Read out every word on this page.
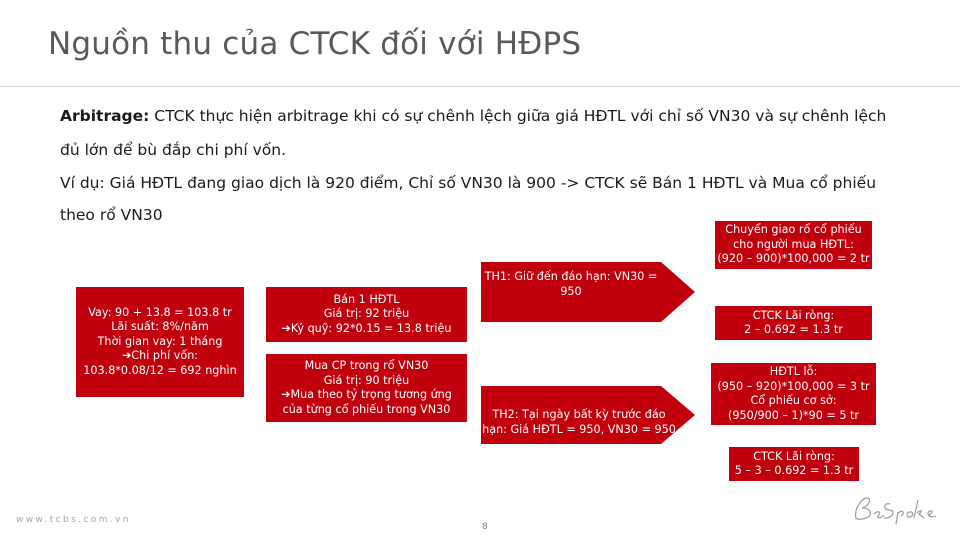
Nguồn thu của CTCK đối với HĐPS
Arbitrage: CTCK thực hiện arbitrage khi có sự chênh lệch giữa giá HĐTL với chỉ số VN30 và sự chênh lệch
đủ lớn để bù đắp chi phí vốn.
Ví dụ: Giá HĐTL đang giao dịch là 920 điểm, Chỉ số VN30 là 900 -> CTCK sẽ Bán 1 HĐTL và Mua cổ phiếu
theo rổ VN30
Vay: 90 + 13.8 = 103.8 tr
Lãi suất: 8%/năm
Thời gian vay: 1 tháng
➔Chi phí vốn:
103.8*0.08/12 = 692 nghìn
Bán 1 HĐTL
Giá trị: 92 triệu
➔Ký quỹ: 92*0.15 = 13.8 triệu
Mua CP trong rổ VN30
Giá trị: 90 triệu
➔Mua theo tỷ trọng tương ứng
của từng cổ phiếu trong VN30
TH1: Giữ đến đáo hạn: VN30 =
950
TH2: Tại ngày bất kỳ trước đáo
hạn: Giá HĐTL = 950, VN30 = 950
Chuyển giao rổ cổ phiếu
cho người mua HĐTL:
(920 – 900)*100,000 = 2 tr
CTCK Lãi ròng:
2 – 0.692 = 1.3 tr
HĐTL lỗ:
(950 – 920)*100,000 = 3 tr
Cổ phiếu cơ sở:
(950/900 – 1)*90 = 5 tr
CTCK Lãi ròng:
5 – 3 – 0.692 = 1.3 tr
www.tcbs.com.vn
8
